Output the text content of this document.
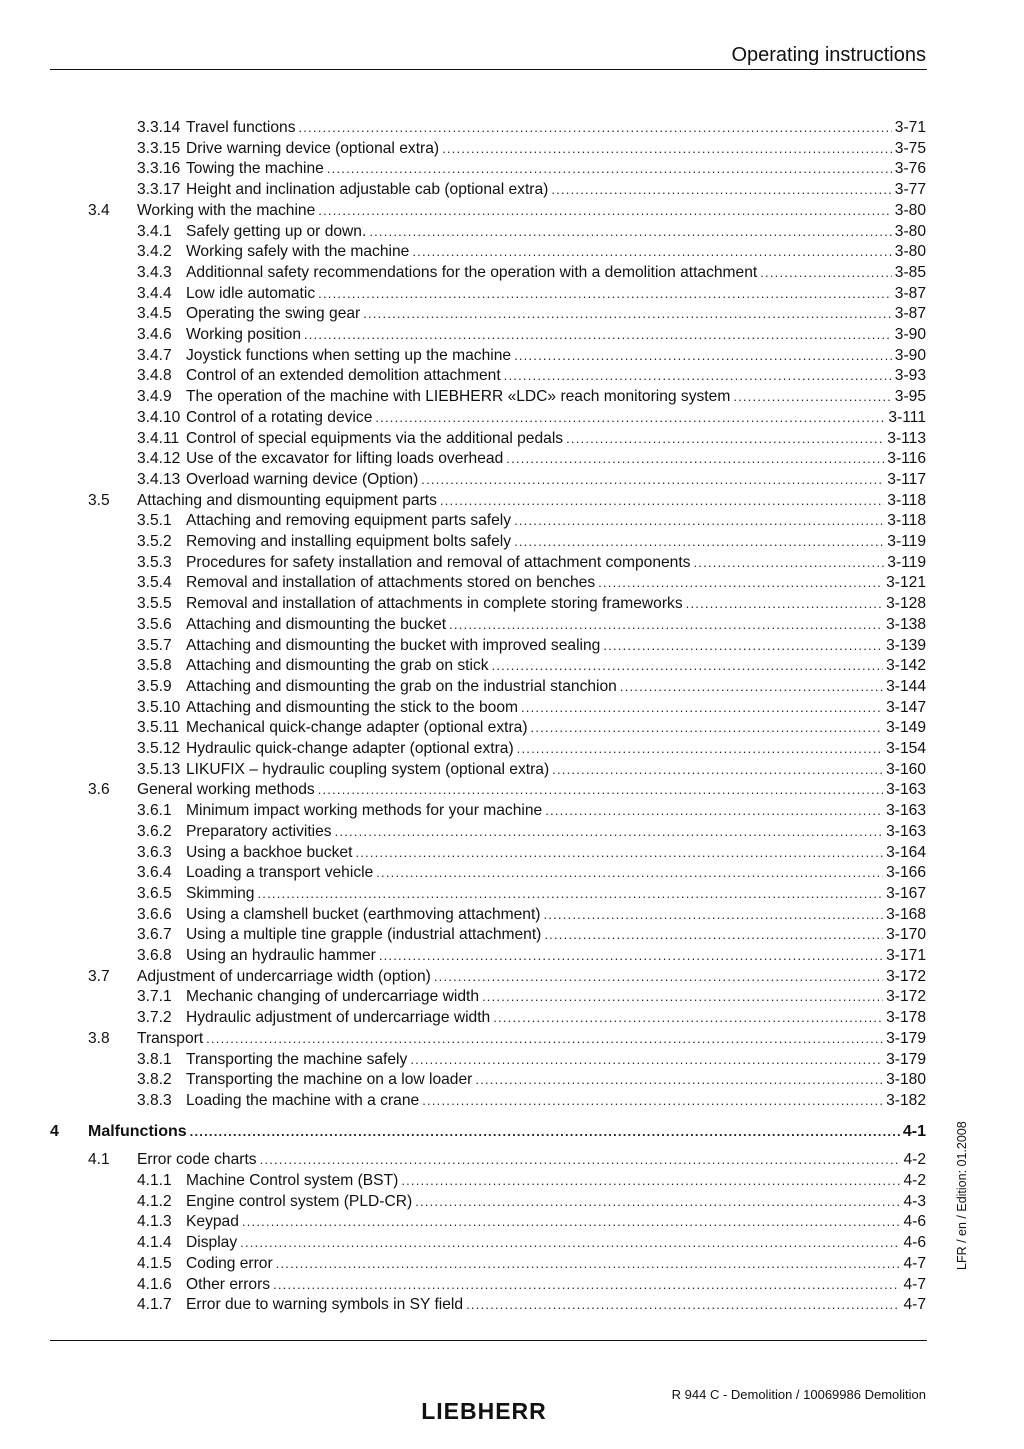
Operating instructions
3.3.14 Travel functions .....	3-71
3.3.15 Drive warning device (optional extra) .....	3-75
3.3.16 Towing the machine .....	3-76
3.3.17 Height and inclination adjustable cab (optional extra) .....	3-77
3.4 Working with the machine .....	3-80
3.4.1 Safely getting up or down. .....	3-80
3.4.2 Working safely with the machine .....	3-80
3.4.3 Additionnal safety recommendations for the operation with a demolition attachment .....	3-85
3.4.4 Low idle automatic .....	3-87
3.4.5 Operating the swing gear .....	3-87
3.4.6 Working position .....	3-90
3.4.7 Joystick functions when setting up the machine .....	3-90
3.4.8 Control of an extended demolition attachment .....	3-93
3.4.9 The operation of the machine with LIEBHERR «LDC» reach monitoring system .....	3-95
3.4.10 Control of a rotating device .....	3-111
3.4.11 Control of special equipments via the additional pedals .....	3-113
3.4.12 Use of the excavator for lifting loads overhead .....	3-116
3.4.13 Overload warning device (Option) .....	3-117
3.5 Attaching and dismounting equipment parts .....	3-118
3.5.1 Attaching and removing equipment parts safely .....	3-118
3.5.2 Removing and installing equipment bolts safely .....	3-119
3.5.3 Procedures for safety installation and removal of attachment components .....	3-119
3.5.4 Removal and installation of attachments stored on benches .....	3-121
3.5.5 Removal and installation of attachments in complete storing frameworks .....	3-128
3.5.6 Attaching and dismounting the bucket .....	3-138
3.5.7 Attaching and dismounting the bucket with improved sealing .....	3-139
3.5.8 Attaching and dismounting the grab on stick .....	3-142
3.5.9 Attaching and dismounting the grab on the industrial stanchion .....	3-144
3.5.10 Attaching and dismounting the stick to the boom .....	3-147
3.5.11 Mechanical quick-change adapter (optional extra) .....	3-149
3.5.12 Hydraulic quick-change adapter (optional extra) .....	3-154
3.5.13 LIKUFIX – hydraulic coupling system (optional extra) .....	3-160
3.6 General working methods .....	3-163
3.6.1 Minimum impact working methods for your machine .....	3-163
3.6.2 Preparatory activities .....	3-163
3.6.3 Using a backhoe bucket .....	3-164
3.6.4 Loading a transport vehicle .....	3-166
3.6.5 Skimming .....	3-167
3.6.6 Using a clamshell bucket (earthmoving attachment) .....	3-168
3.6.7 Using a multiple tine grapple (industrial attachment) .....	3-170
3.6.8 Using an hydraulic hammer .....	3-171
3.7 Adjustment of undercarriage width (option) .....	3-172
3.7.1 Mechanic changing of undercarriage width .....	3-172
3.7.2 Hydraulic adjustment of undercarriage width .....	3-178
3.8 Transport .....	3-179
3.8.1 Transporting the machine safely .....	3-179
3.8.2 Transporting the machine on a low loader .....	3-180
3.8.3 Loading the machine with a crane .....	3-182
4 Malfunctions .....	4-1
4.1 Error code charts .....	4-2
4.1.1 Machine Control system (BST) .....	4-2
4.1.2 Engine control system (PLD-CR) .....	4-3
4.1.3 Keypad .....	4-6
4.1.4 Display .....	4-6
4.1.5 Coding error .....	4-7
4.1.6 Other errors .....	4-7
4.1.7 Error due to warning symbols in SY field .....	4-7
LFR / en / Edition: 01.2008
R 944 C - Demolition / 10069986 Demolition
LIEBHERR
